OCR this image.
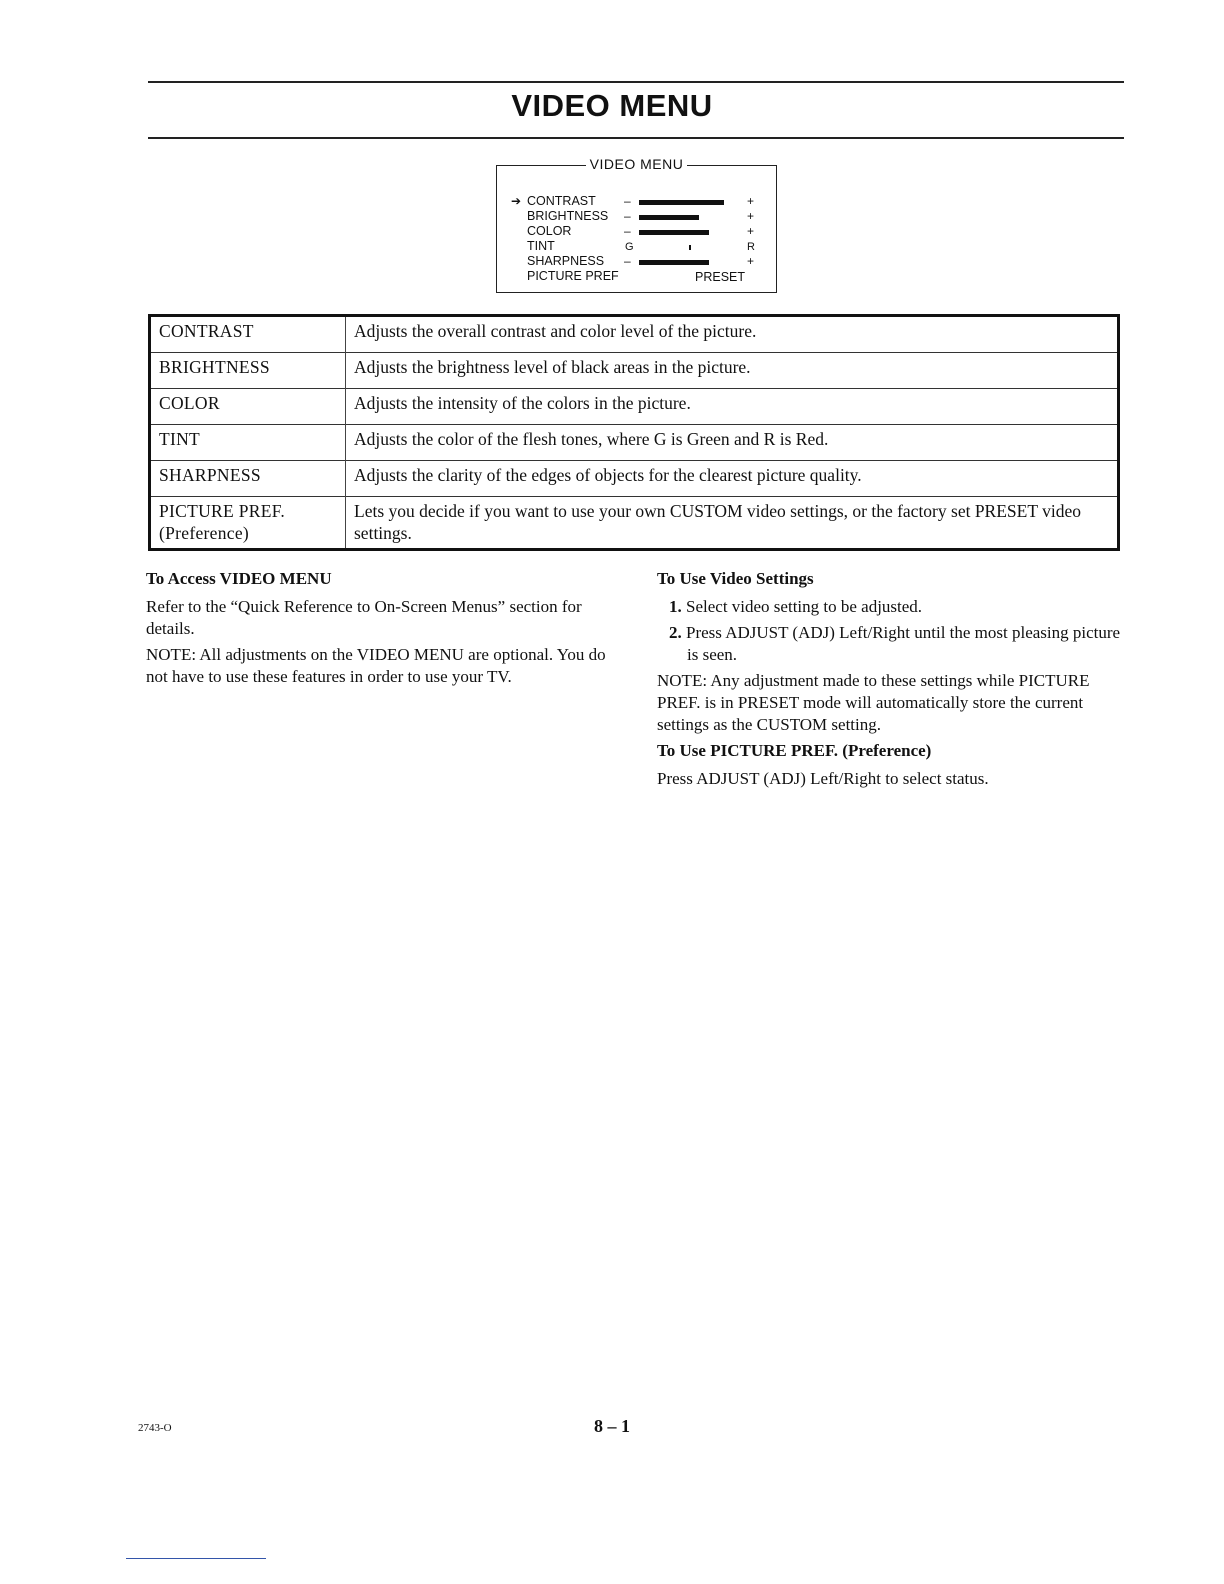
VIDEO MENU
VIDEO MENU
➔ CONTRAST –	+
BRIGHTNESS –	+
COLOR	–	+
TINT	G	R
SHARPNESS –	+
PICTURE PREF	PRESET
CONTRAST	Adjusts the overall contrast and color level of the picture.
BRIGHTNESS	Adjusts the brightness level of black areas in the picture.
COLOR	Adjusts the intensity of the colors in the picture.
TINT	Adjusts the color of the flesh tones, where G is Green and R is Red.
SHARPNESS	Adjusts the clarity of the edges of objects for the clearest picture quality.

PICTURE PREF.
(Preference)	Lets you decide if you want to use your own CUSTOM video settings, or the factory set PRESET video settings.

To Access VIDEO MENU

Refer to the “Quick Reference to On-Screen Menus” section for details.

NOTE: All adjustments on the VIDEO MENU are optional. You do not have to use these features in order to use your TV.

To Use Video Settings

1. Select video setting to be adjusted.

2. Press ADJUST (ADJ) Left/Right until the most pleasing picture is seen.

NOTE: Any adjustment made to these settings while PICTURE PREF. is in PRESET mode will automatically store the current settings as the CUSTOM setting.

To Use PICTURE PREF. (Preference)

Press ADJUST (ADJ) Left/Right to select status.

2743-O	8 – 1
